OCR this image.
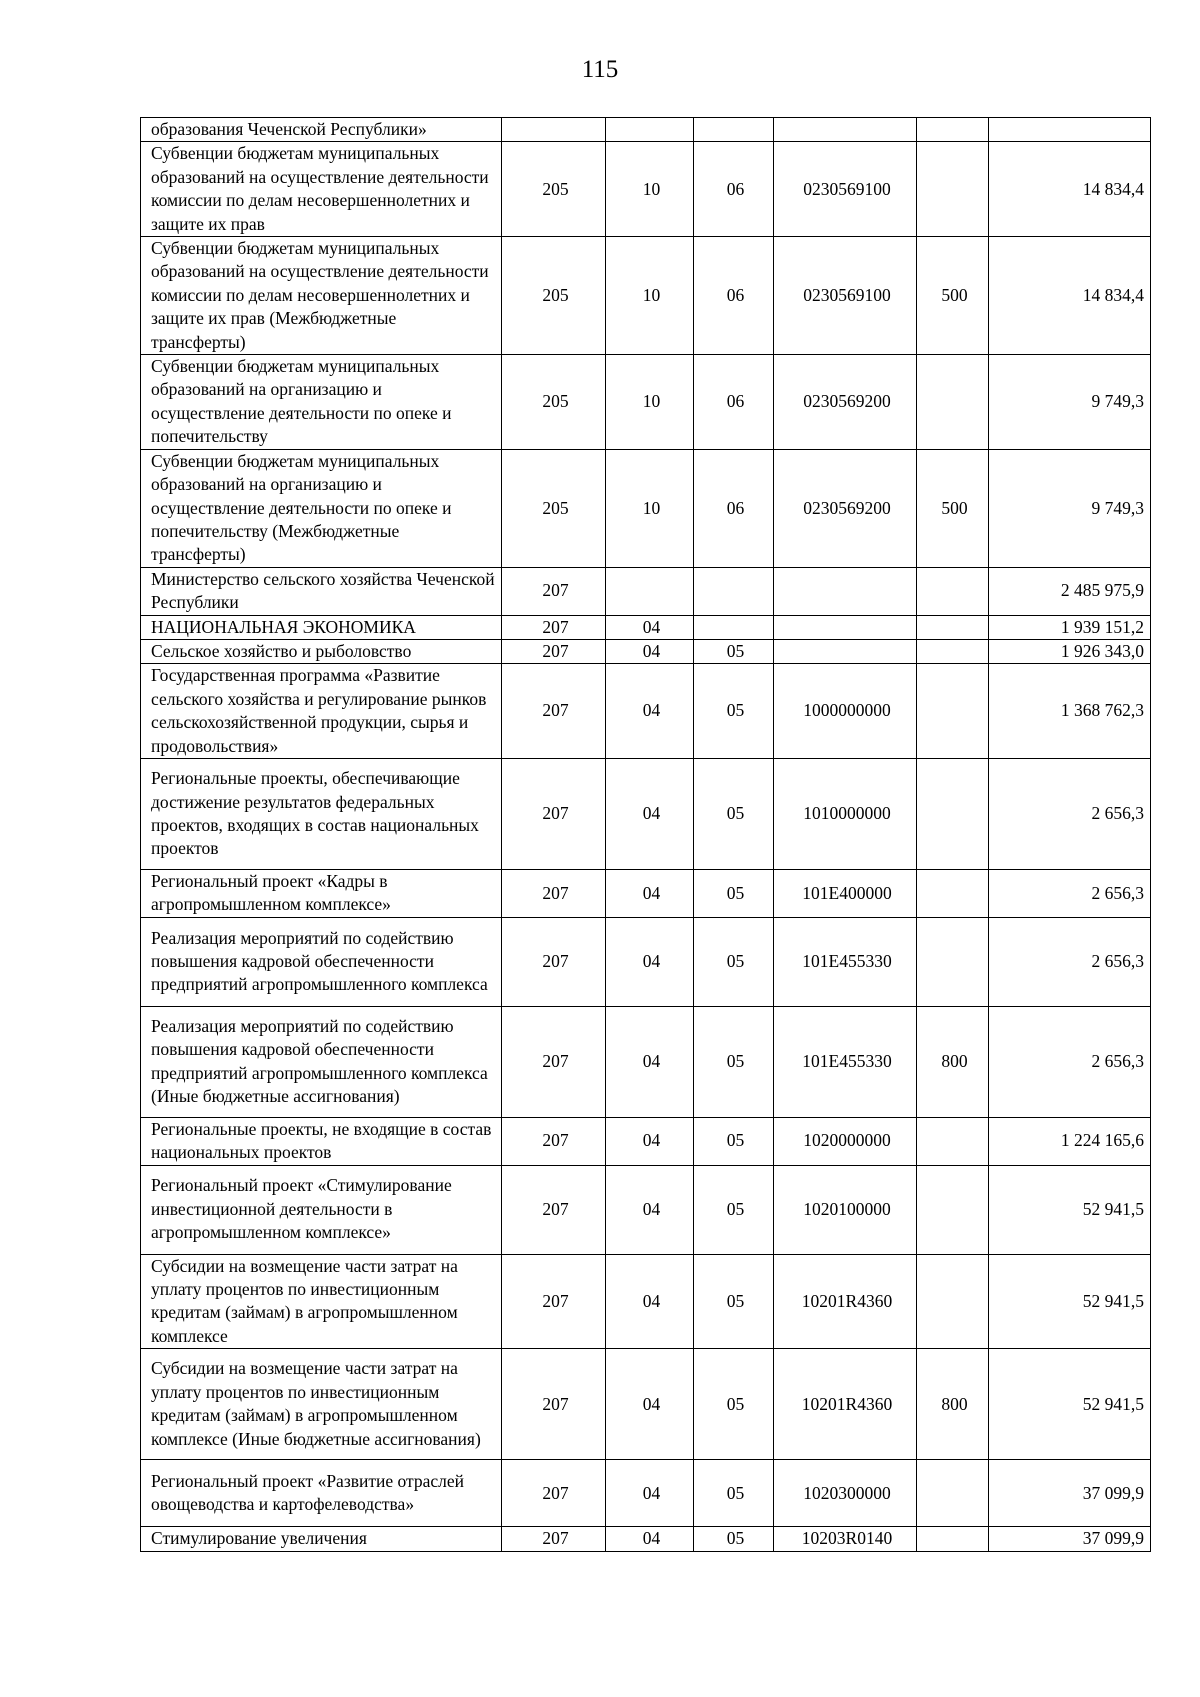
115
образования Чеченской Республики»						
Субвенции бюджетам муниципальных образований на осуществление деятельности комиссии по делам несовершеннолетних и защите их прав	205	10	06	0230569100		14 834,4
Субвенции бюджетам муниципальных образований на осуществление деятельности комиссии по делам несовершеннолетних и защите их прав (Межбюджетные трансферты)	205	10	06	0230569100	500	14 834,4
Субвенции бюджетам муниципальных образований на организацию и осуществление деятельности по опеке и попечительству	205	10	06	0230569200		9 749,3
Субвенции бюджетам муниципальных образований на организацию и осуществление деятельности по опеке и попечительству (Межбюджетные трансферты)	205	10	06	0230569200	500	9 749,3
Министерство сельского хозяйства Чеченской Республики	207					2 485 975,9
НАЦИОНАЛЬНАЯ ЭКОНОМИКА	207	04				1 939 151,2
Сельское хозяйство и рыболовство	207	04	05			1 926 343,0
Государственная программа «Развитие сельского хозяйства и регулирование рынков сельскохозяйственной продукции, сырья и продовольствия»	207	04	05	1000000000		1 368 762,3
Региональные проекты, обеспечивающие достижение результатов федеральных проектов, входящих в состав национальных проектов	207	04	05	1010000000		2 656,3
Региональный проект «Кадры в агропромышленном комплексе»	207	04	05	101E400000		2 656,3
Реализация мероприятий по содействию повышения кадровой обеспеченности предприятий агропромышленного комплекса	207	04	05	101E455330		2 656,3
Реализация мероприятий по содействию повышения кадровой обеспеченности предприятий агропромышленного комплекса (Иные бюджетные ассигнования)	207	04	05	101E455330	800	2 656,3
Региональные проекты, не входящие в состав национальных проектов	207	04	05	1020000000		1 224 165,6
Региональный проект «Стимулирование инвестиционной деятельности в агропромышленном комплексе»	207	04	05	1020100000		52 941,5
Субсидии на возмещение части затрат на уплату процентов по инвестиционным кредитам (займам) в агропромышленном комплексе	207	04	05	10201R4360		52 941,5
Субсидии на возмещение части затрат на уплату процентов по инвестиционным кредитам (займам) в агропромышленном комплексе (Иные бюджетные ассигнования)	207	04	05	10201R4360	800	52 941,5
Региональный проект «Развитие отраслей овощеводства и картофелеводства»	207	04	05	1020300000		37 099,9
Стимулирование увеличения	207	04	05	10203R0140		37 099,9
